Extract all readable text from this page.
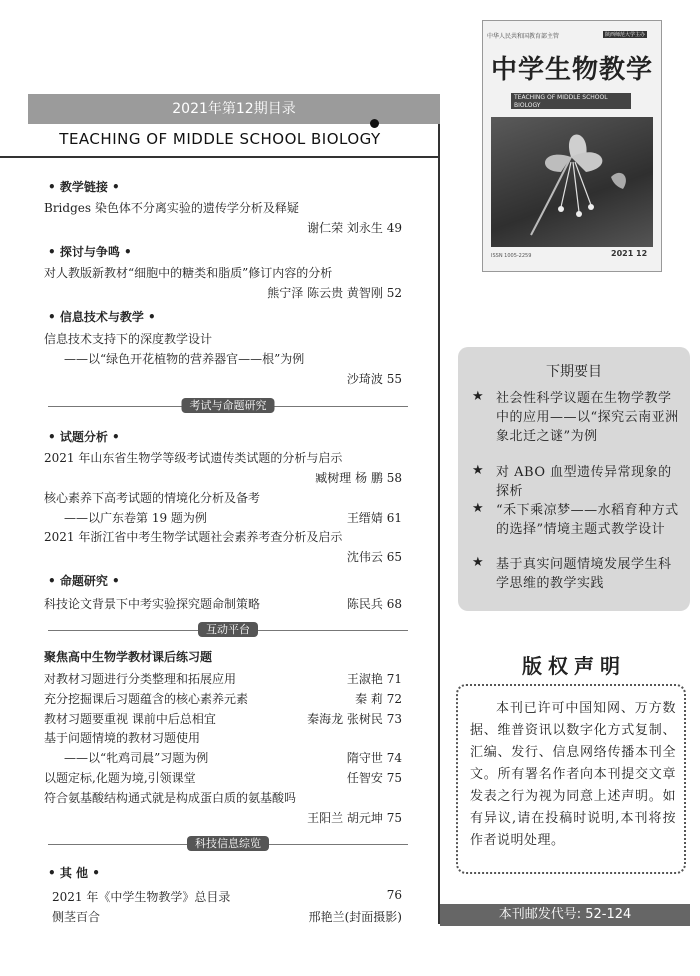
2021年第12期目录
TEACHING OF MIDDLE SCHOOL BIOLOGY
• 教学链接 •
Bridges 染色体不分离实验的遗传学分析及释疑
谢仁荣 刘永生 49
• 探讨与争鸣 •
对人教版新教材“细胞中的糖类和脂质”修订内容的分析
熊宁泽 陈云贵 黄智刚 52
• 信息技术与教学 •
信息技术支持下的深度教学设计
——以“绿色开花植物的营养器官——根”为例
沙琦波 55
考试与命题研究
• 试题分析 •
2021 年山东省生物学等级考试遗传类试题的分析与启示
臧树理 杨 鹏 58
核心素养下高考试题的情境化分析及备考
——以广东卷第 19 题为例	王缙婧 61
2021 年浙江省中考生物学试题社会素养考查分析及启示
沈伟云 65
• 命题研究 •
科技论文背景下中考实验探究题命制策略	陈民兵 68
互动平台
聚焦高中生物学教材课后练习题
对教材习题进行分类整理和拓展应用	王淑艳 71
充分挖掘课后习题蕴含的核心素养元素	秦 莉 72
教材习题要重视 课前中后总相宜	秦海龙 张树民 73
基于问题情境的教材习题使用
——以“牝鸡司晨”习题为例	隋守世 74
以题定标,化题为境,引领课堂	任智安 75
符合氨基酸结构通式就是构成蛋白质的氨基酸吗
王阳兰 胡元坤 75
科技信息综览
• 其 他 •
2021 年《中学生物教学》总目录	76
侧茎百合	邢艳兰(封面摄影)
中华人民共和国教育部主管	陕西师范大学主办
中学生物教学
TEACHING OF MIDDLE SCHOOL BIOLOGY
ISSN 1005-2259	2021 12
下期要目
★ 社会性科学议题在生物学教学中的应用——以“探究云南亚洲象北迁之谜”为例
★ 对 ABO 血型遗传异常现象的探析
★ “禾下乘凉梦——水稻育种方式的选择”情境主题式教学设计
★ 基于真实问题情境发展学生科学思维的教学实践
版权声明
本刊已许可中国知网、万方数据、维普资讯以数字化方式复制、汇编、发行、信息网络传播本刊全文。所有署名作者向本刊提交文章发表之行为视为同意上述声明。如有异议,请在投稿时说明,本刊将按作者说明处理。
本刊邮发代号: 52-124
